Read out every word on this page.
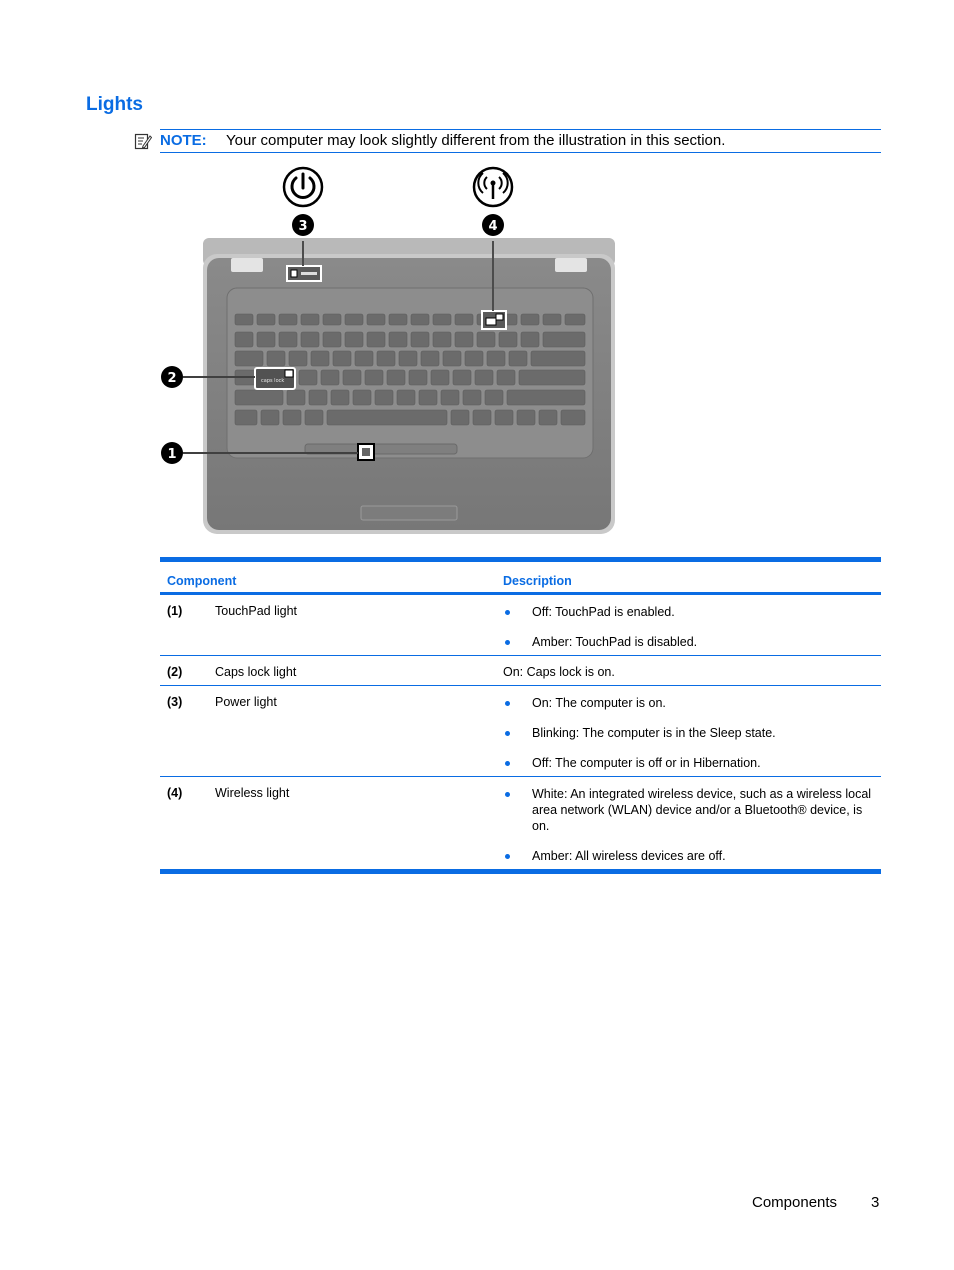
Lights
NOTE: Your computer may look slightly different from the illustration in this section.
caps lock
3	4
2
1
Component	Description
(1)	TouchPad light	Off: TouchPad is enabled.
Amber: TouchPad is disabled.
(2)	Caps lock light	On: Caps lock is on.
(3)	Power light	On: The computer is on.
Blinking: The computer is in the Sleep state.
Off: The computer is off or in Hibernation.
(4)	Wireless light	White: An integrated wireless device, such as a wireless local area network (WLAN) device and/or a Bluetooth® device, is on.
Amber: All wireless devices are off.
Components 3
